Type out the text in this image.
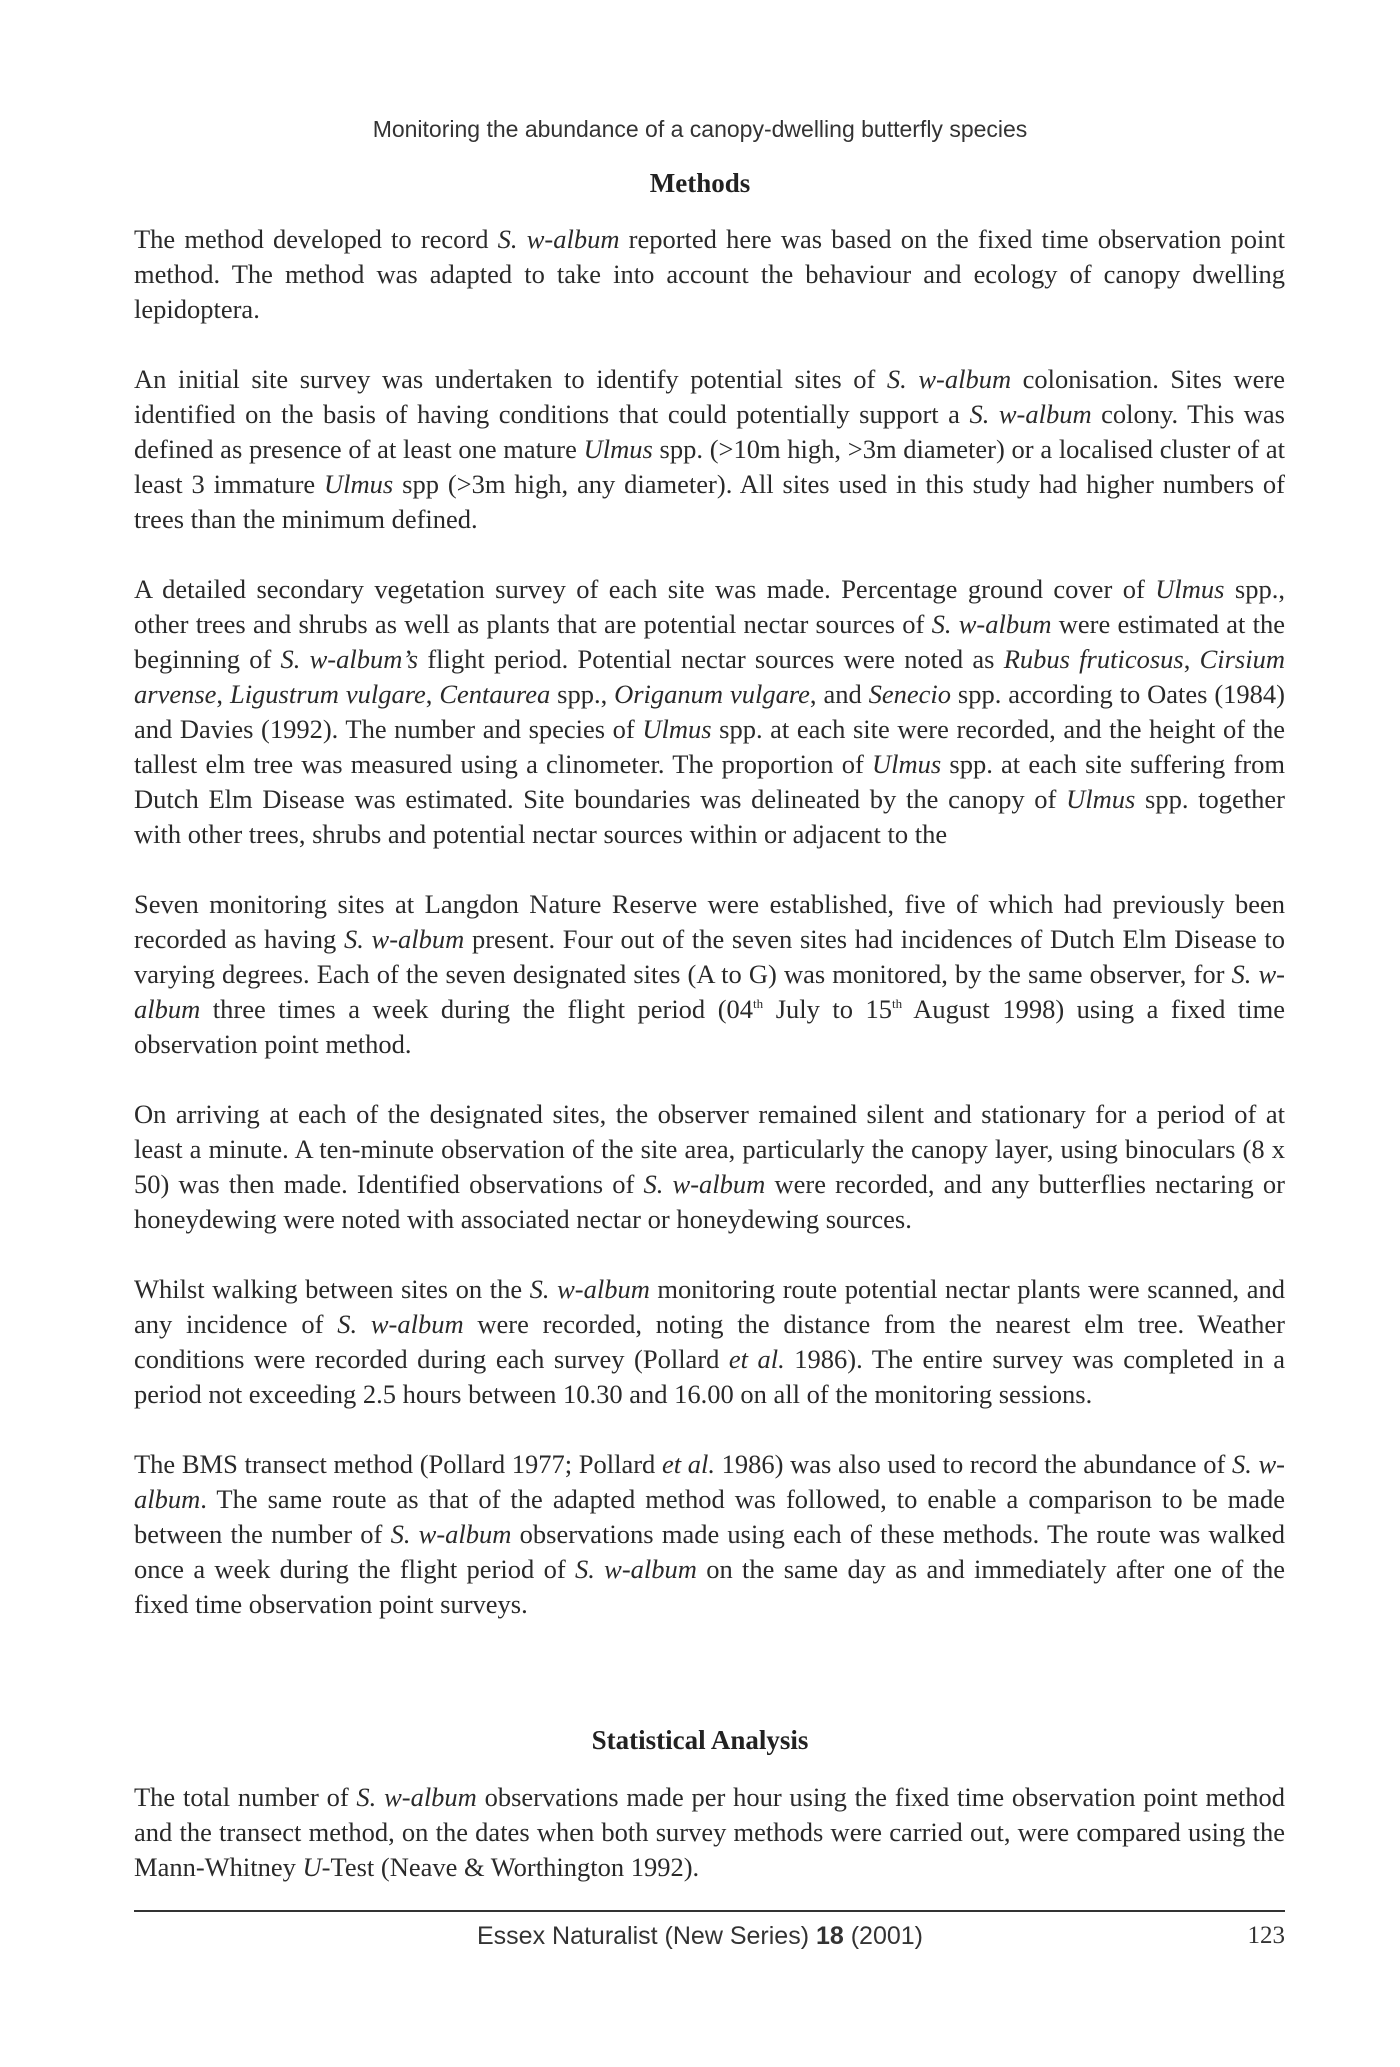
Monitoring the abundance of a canopy-dwelling butterfly species
Methods

The method developed to record S. w-album reported here was based on the fixed time observation point method. The method was adapted to take into account the behaviour and ecology of canopy dwelling lepidoptera.

An initial site survey was undertaken to identify potential sites of S. w-album colonisation. Sites were identified on the basis of having conditions that could potentially support a S. w-album colony. This was defined as presence of at least one mature Ulmus spp. (>10m high, >3m diameter) or a localised cluster of at least 3 immature Ulmus spp (>3m high, any diameter). All sites used in this study had higher numbers of trees than the minimum defined.

A detailed secondary vegetation survey of each site was made. Percentage ground cover of Ulmus spp., other trees and shrubs as well as plants that are potential nectar sources of S. w-album were estimated at the beginning of S. w-album’s flight period. Potential nectar sources were noted as Rubus fruticosus, Cirsium arvense, Ligustrum vulgare, Centaurea spp., Origanum vulgare, and Senecio spp. according to Oates (1984) and Davies (1992). The number and species of Ulmus spp. at each site were recorded, and the height of the tallest elm tree was measured using a clinometer. The proportion of Ulmus spp. at each site suffering from Dutch Elm Disease was estimated. Site boundaries was delineated by the canopy of Ulmus spp. together with other trees, shrubs and potential nectar sources within or adjacent to the

Seven monitoring sites at Langdon Nature Reserve were established, five of which had previously been recorded as having S. w-album present. Four out of the seven sites had incidences of Dutch Elm Disease to varying degrees. Each of the seven designated sites (A to G) was monitored, by the same observer, for S. w-album three times a week during the flight period (04th July to 15th August 1998) using a fixed time observation point method.

On arriving at each of the designated sites, the observer remained silent and stationary for a period of at least a minute. A ten-minute observation of the site area, particularly the canopy layer, using binoculars (8 x 50) was then made. Identified observations of S. w-album were recorded, and any butterflies nectaring or honeydewing were noted with associated nectar or honeydewing sources.

Whilst walking between sites on the S. w-album monitoring route potential nectar plants were scanned, and any incidence of S. w-album were recorded, noting the distance from the nearest elm tree. Weather conditions were recorded during each survey (Pollard et al. 1986). The entire survey was completed in a period not exceeding 2.5 hours between 10.30 and 16.00 on all of the monitoring sessions.

The BMS transect method (Pollard 1977; Pollard et al. 1986) was also used to record the abundance of S. w-album. The same route as that of the adapted method was followed, to enable a comparison to be made between the number of S. w-album observations made using each of these methods. The route was walked once a week during the flight period of S. w-album on the same day as and immediately after one of the fixed time observation point surveys.

Statistical Analysis

The total number of S. w-album observations made per hour using the fixed time observation point method and the transect method, on the dates when both survey methods were carried out, were compared using the Mann-Whitney U-Test (Neave & Worthington 1992).

Essex Naturalist (New Series) 18 (2001)	123
